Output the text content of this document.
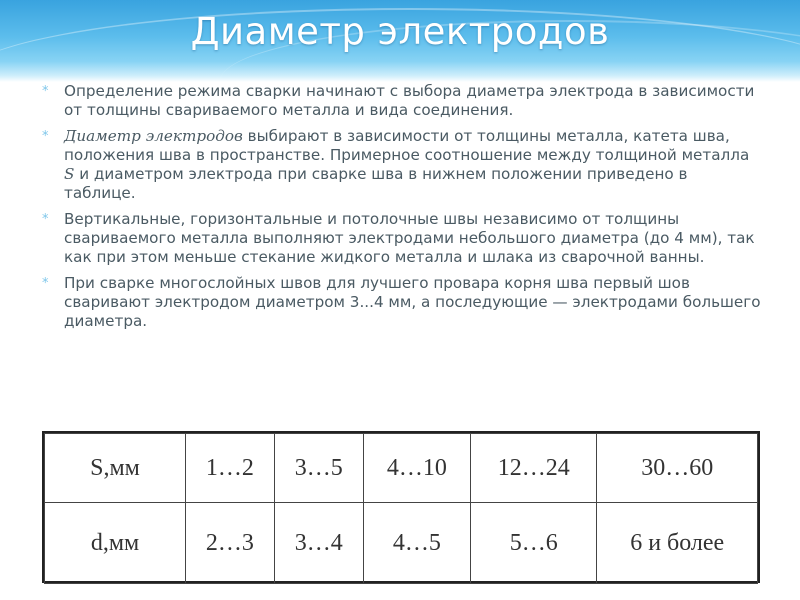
Диаметр электродов
* Определение режима сварки начинают с выбора диаметра электрода в зависимости от толщины свариваемого металла и вида соединения.
* Диаметр электродов выбирают в зависимости от толщины металла, катета шва, положения шва в пространстве. Примерное соотношение между толщиной металла S и диаметром электрода при сварке шва в нижнем положении приведено в таблице.
* Вертикальные, горизонтальные и потолочные швы независимо от толщины свариваемого металла выполняют электродами небольшого диаметра (до 4 мм), так как при этом меньше стекание жидкого металла и шлака из сварочной ванны.
* При сварке многослойных швов для лучшего провара корня шва первый шов сваривают электродом диаметром 3...4 мм, а последующие — электродами большего диаметра.
S,мм	1…2	3…5	4…10	12…24	30…60
d,мм	2…3	3…4	4…5	5…6	6 и более
